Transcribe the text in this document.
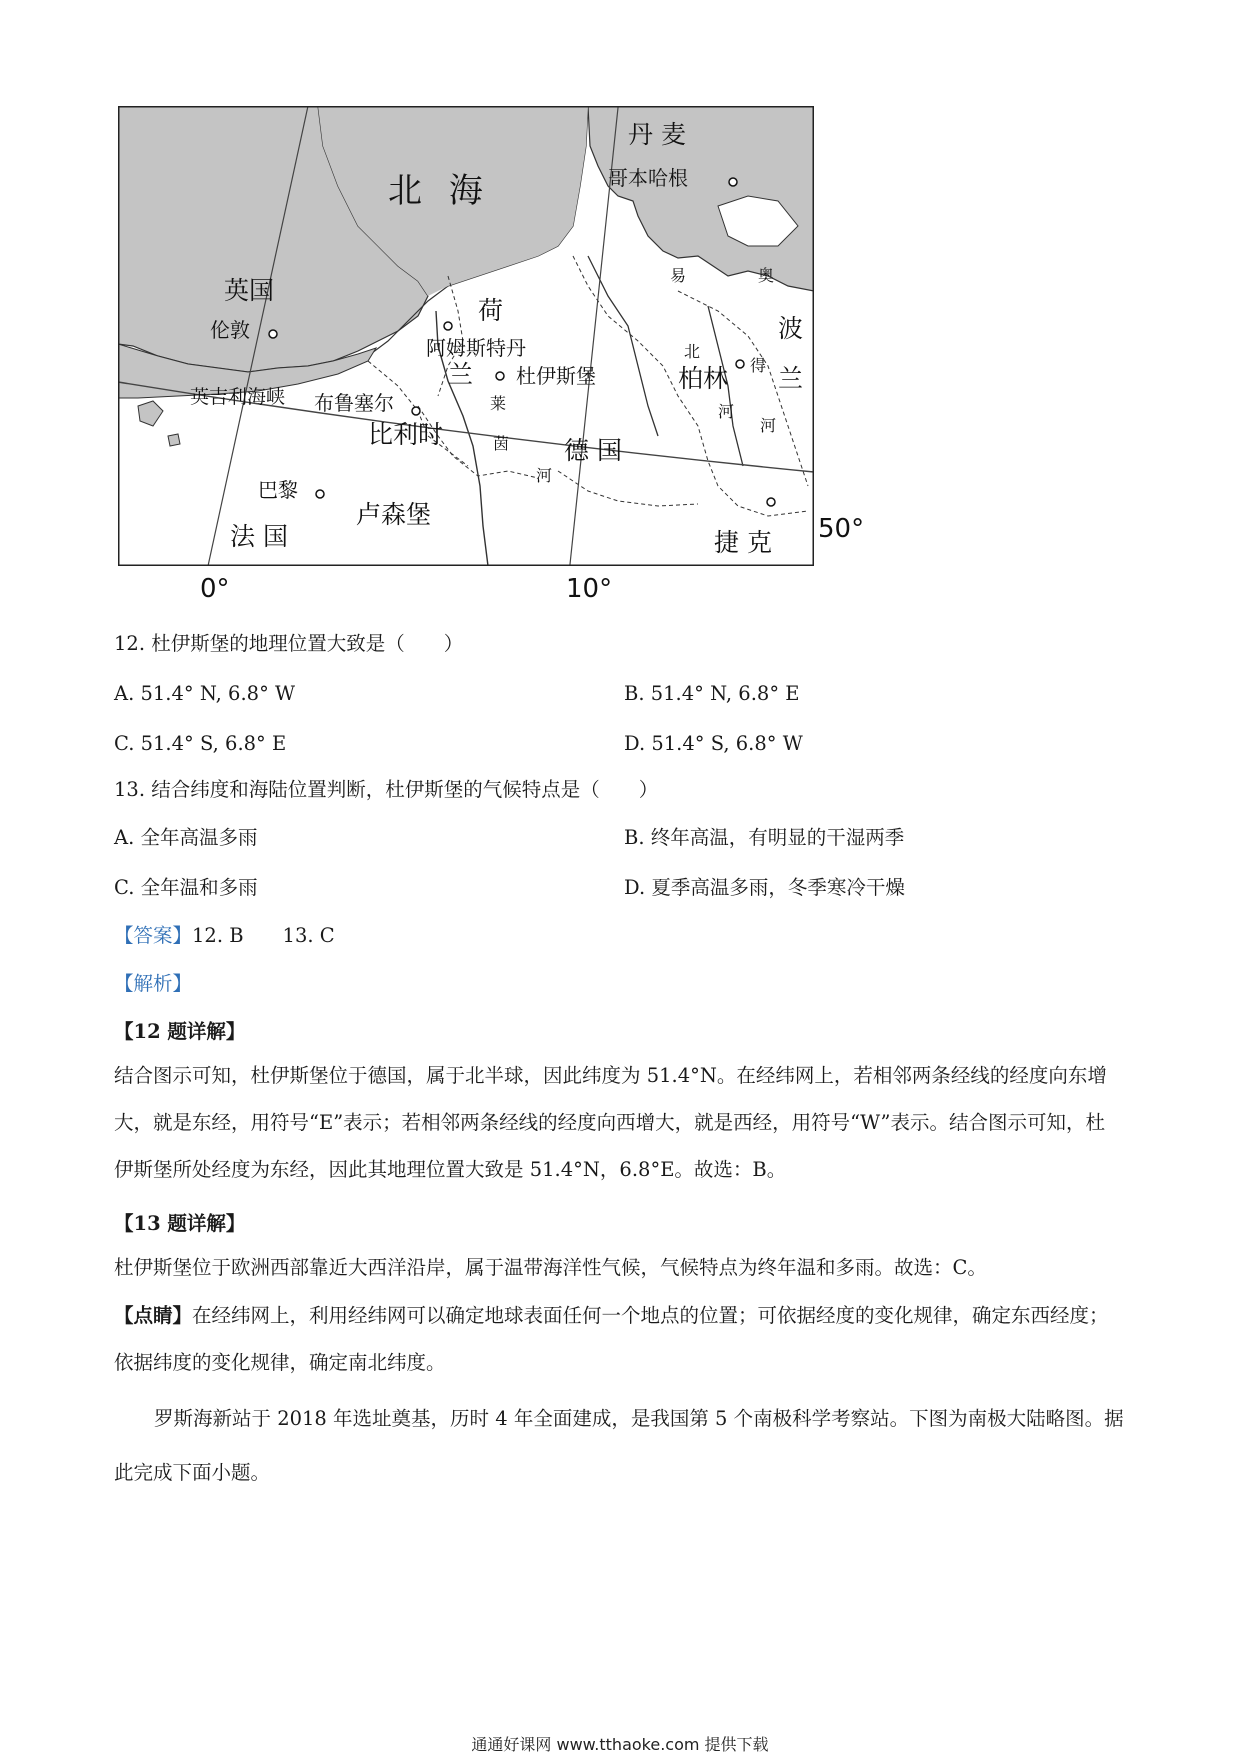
北 海
丹 麦
哥本哈根
英国
伦敦
荷
兰
阿姆斯特丹
杜伊斯堡
英吉利海峡 布鲁塞尔
比利时
莱
茵
河
德 国
易
北
河
奥
得
河
柏林
波
兰
巴黎
卢森堡
法 国	捷 克
0°	10°
50°
12. 杜伊斯堡的地理位置大致是（　　）
A. 51.4° N, 6.8° W	B. 51.4° N, 6.8° E
C. 51.4° S, 6.8° E	D. 51.4° S, 6.8° W
13. 结合纬度和海陆位置判断，杜伊斯堡的气候特点是（　　）
A. 全年高温多雨	B. 终年高温，有明显的干湿两季
C. 全年温和多雨	D. 夏季高温多雨，冬季寒冷干燥
【答案】12. B　　13. C
【解析】
【12 题详解】
结合图示可知，杜伊斯堡位于德国，属于北半球，因此纬度为 51.4°N。在经纬网上，若相邻两条经线的经度向东增大，就是东经，用符号“E”表示；若相邻两条经线的经度向西增大，就是西经，用符号“W”表示。结合图示可知，杜伊斯堡所处经度为东经，因此其地理位置大致是 51.4°N，6.8°E。故选：B。
【13 题详解】
杜伊斯堡位于欧洲西部靠近大西洋沿岸，属于温带海洋性气候，气候特点为终年温和多雨。故选：C。
【点睛】在经纬网上，利用经纬网可以确定地球表面任何一个地点的位置；可依据经度的变化规律，确定东西经度；依据纬度的变化规律，确定南北纬度。
罗斯海新站于 2018 年选址奠基，历时 4 年全面建成，是我国第 5 个南极科学考察站。下图为南极大陆略图。据此完成下面小题。
通通好课网 www.tthaoke.com 提供下载
